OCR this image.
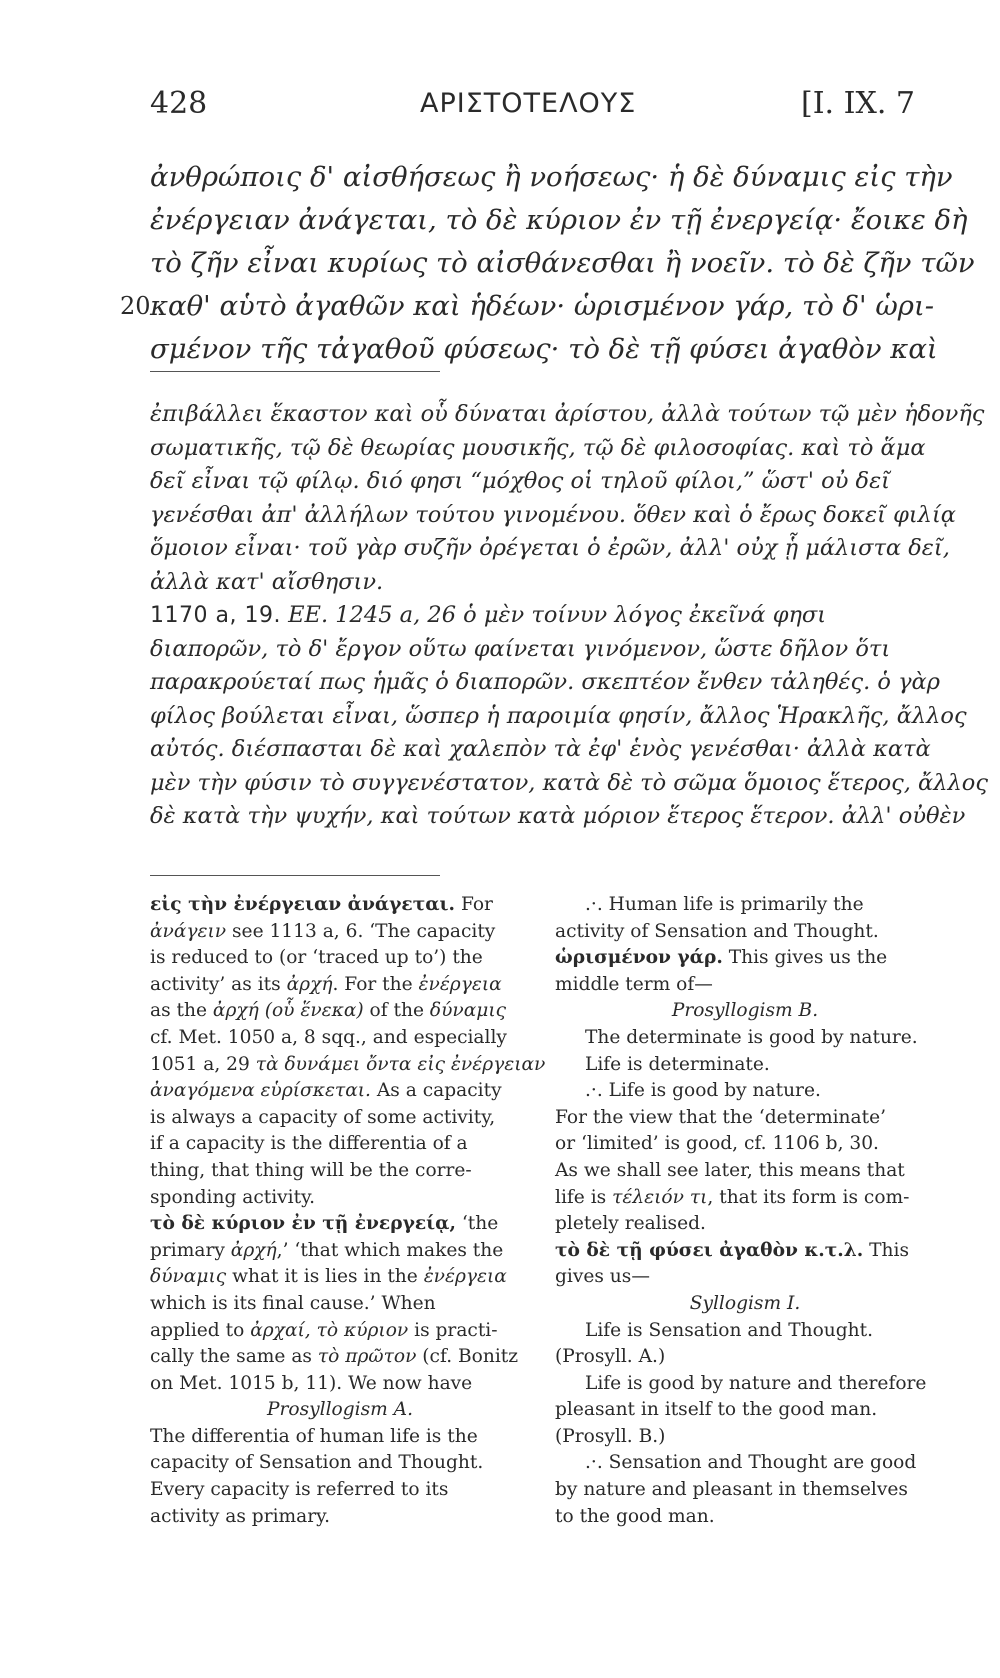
428	ΑΡΙΣΤΟΤΕΛΟΥΣ	[I. IX. 7
ἀνθρώποις δ' αἰσθήσεως ἢ νοήσεως· ἡ δὲ δύναμις εἰς τὴν
ἐνέργειαν ἀνάγεται, τὸ δὲ κύριον ἐν τῇ ἐνεργείᾳ· ἔοικε δὴ
τὸ ζῆν εἶναι κυρίως τὸ αἰσθάνεσθαι ἢ νοεῖν. τὸ δὲ ζῆν τῶν
20 καθ' αὑτὸ ἀγαθῶν καὶ ἡδέων· ὡρισμένον γάρ, τὸ δ' ὡρι-
σμένον τῆς τἀγαθοῦ φύσεως· τὸ δὲ τῇ φύσει ἀγαθὸν καὶ
ἐπιβάλλει ἕκαστον καὶ οὗ δύναται ἀρίστου, ἀλλὰ τούτων τῷ μὲν ἡδονῆς
σωματικῆς, τῷ δὲ θεωρίας μουσικῆς, τῷ δὲ φιλοσοφίας. καὶ τὸ ἅμα
δεῖ εἶναι τῷ φίλῳ. διό φησι “μόχθος οἱ τηλοῦ φίλοι,” ὥστ' οὐ δεῖ
γενέσθαι ἀπ' ἀλλήλων τούτου γινομένου. ὅθεν καὶ ὁ ἔρως δοκεῖ φιλίᾳ
ὅμοιον εἶναι· τοῦ γὰρ συζῆν ὀρέγεται ὁ ἐρῶν, ἀλλ' οὐχ ᾗ μάλιστα δεῖ,
ἀλλὰ κατ' αἴσθησιν.
1170 a, 19. EE. 1245 a, 26 ὁ μὲν τοίνυν λόγος ἐκεῖνά φησι
διαπορῶν, τὸ δ' ἔργον οὕτω φαίνεται γινόμενον, ὥστε δῆλον ὅτι
παρακρούεταί πως ἡμᾶς ὁ διαπορῶν. σκεπτέον ἔνθεν τἀληθές. ὁ γὰρ
φίλος βούλεται εἶναι, ὥσπερ ἡ παροιμία φησίν, ἄλλος Ἡρακλῆς, ἄλλος
αὐτός. διέσπασται δὲ καὶ χαλεπὸν τὰ ἐφ' ἑνὸς γενέσθαι· ἀλλὰ κατὰ
μὲν τὴν φύσιν τὸ συγγενέστατον, κατὰ δὲ τὸ σῶμα ὅμοιος ἕτερος, ἄλλος
δὲ κατὰ τὴν ψυχήν, καὶ τούτων κατὰ μόριον ἕτερος ἕτερον. ἀλλ' οὐθὲν
εἰς τὴν ἐνέργειαν ἀνάγεται. For
ἀνάγειν see 1113 a, 6. ‘The capacity
is reduced to (or ‘traced up to’) the
activity’ as its ἀρχή. For the ἐνέργεια
as the ἀρχή (οὗ ἕνεκα) of the δύναμις
cf. Met. 1050 a, 8 sqq., and especially
1051 a, 29 τὰ δυνάμει ὄντα εἰς ἐνέργειαν
ἀναγόμενα εὑρίσκεται. As a capacity
is always a capacity of some activity,
if a capacity is the differentia of a
thing, that thing will be the corre-
sponding activity.
τὸ δὲ κύριον ἐν τῇ ἐνεργείᾳ, ‘the
primary ἀρχή,’ ‘that which makes the
δύναμις what it is lies in the ἐνέργεια
which is its final cause.’ When
applied to ἀρχαί, τὸ κύριον is practi-
cally the same as τὸ πρῶτον (cf. Bonitz
on Met. 1015 b, 11). We now have
Prosyllogism A.
The differentia of human life is the
capacity of Sensation and Thought.
Every capacity is referred to its
activity as primary.
.·. Human life is primarily the
activity of Sensation and Thought.
ὡρισμένον γάρ. This gives us the
middle term of—
Prosyllogism B.
The determinate is good by nature.
Life is determinate.
.·. Life is good by nature.
For the view that the ‘determinate’
or ‘limited’ is good, cf. 1106 b, 30.
As we shall see later, this means that
life is τέλειόν τι, that its form is com-
pletely realised.
τὸ δὲ τῇ φύσει ἀγαθὸν κ.τ.λ. This
gives us—
Syllogism I.
Life is Sensation and Thought.
(Prosyll. A.)
Life is good by nature and therefore
pleasant in itself to the good man.
(Prosyll. B.)
.·. Sensation and Thought are good
by nature and pleasant in themselves
to the good man.
